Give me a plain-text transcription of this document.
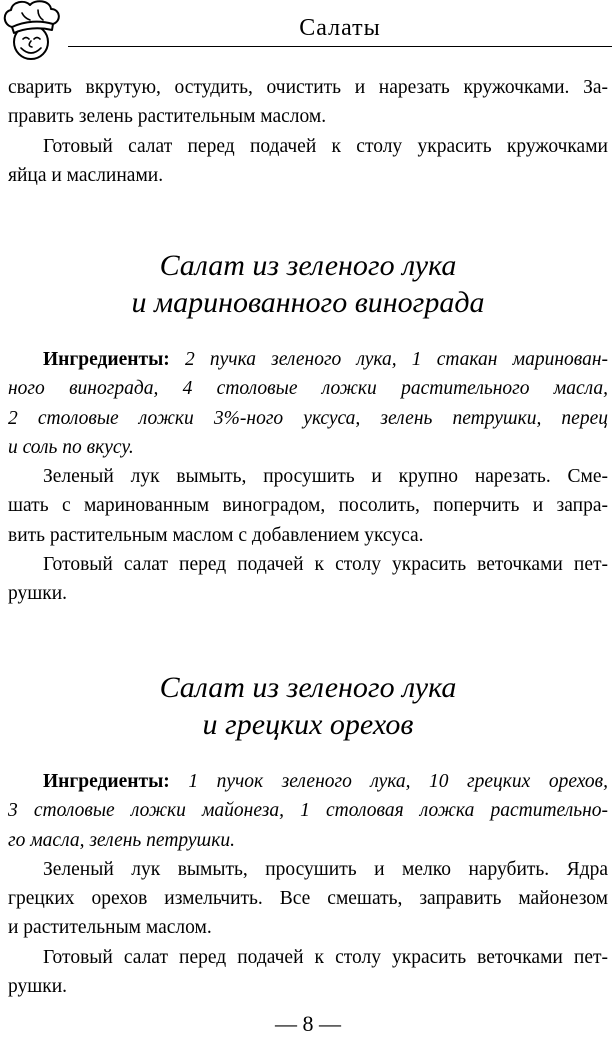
Салаты
сварить вкрутую, остудить, очистить и нарезать кружочками. За-
править зелень растительным маслом.
Готовый салат перед подачей к столу украсить кружочками
яйца и маслинами.
Салат из зеленого лука
и маринованного винограда
Ингредиенты: 2 пучка зеленого лука, 1 стакан маринован-
ного винограда, 4 столовые ложки растительного масла,
2 столовые ложки 3%-ного уксуса, зелень петрушки, перец
и соль по вкусу.
Зеленый лук вымыть, просушить и крупно нарезать. Сме-
шать с маринованным виноградом, посолить, поперчить и запра-
вить растительным маслом с добавлением уксуса.
Готовый салат перед подачей к столу украсить веточками пет-
рушки.
Салат из зеленого лука
и грецких орехов
Ингредиенты: 1 пучок зеленого лука, 10 грецких орехов,
3 столовые ложки майонеза, 1 столовая ложка растительно-
го масла, зелень петрушки.
Зеленый лук вымыть, просушить и мелко нарубить. Ядра
грецких орехов измельчить. Все смешать, заправить майонезом
и растительным маслом.
Готовый салат перед подачей к столу украсить веточками пет-
рушки.
— 8 —
